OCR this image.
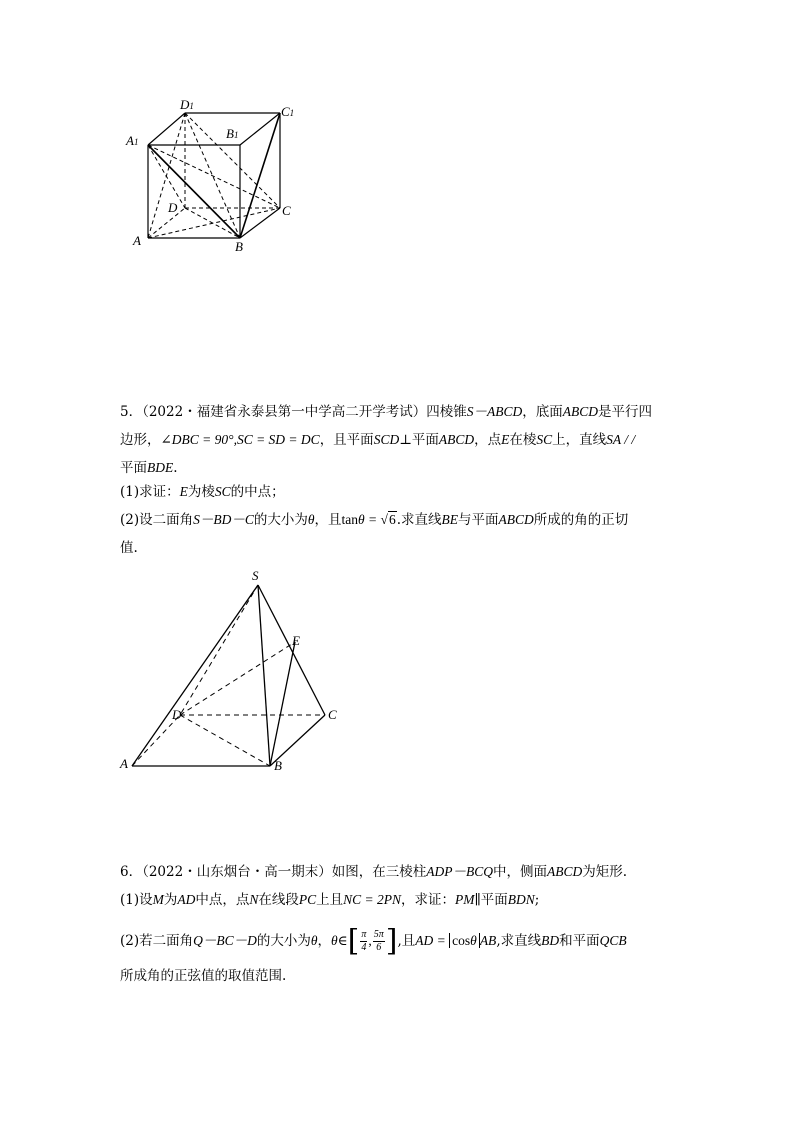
D1	C1
A1
B1
D	C
A	B
5．（2022・福建省永泰县第一中学高二开学考试）四棱锥S－ABCD，底面ABCD是平行四
边形，∠DBC = 90°,SC = SD = DC，且平面SCD⊥平面ABCD，点E在棱SC上，直线SA / /
平面BDE.
(1)求证：E为棱SC的中点；
(2)设二面角S－BD－C的大小为θ，且tanθ = √6.求直线BE与平面ABCD所成的角的正切
值.
S
E
D	C
A	B
6．（2022・山东烟台・高一期末）如图，在三棱柱ADP－BCQ中，侧面ABCD为矩形.
(1)设M为AD中点，点N在线段PC上且NC = 2PN，求证：PM∥平面BDN;
(2)若二面角Q－BC－D的大小为θ，θ∈[ $\frac{\pi}{4}$ , $\frac{5\pi}{6}$ ],且AD = cosθ AB,求直线BD和平面QCB
所成角的正弦值的取值范围.
